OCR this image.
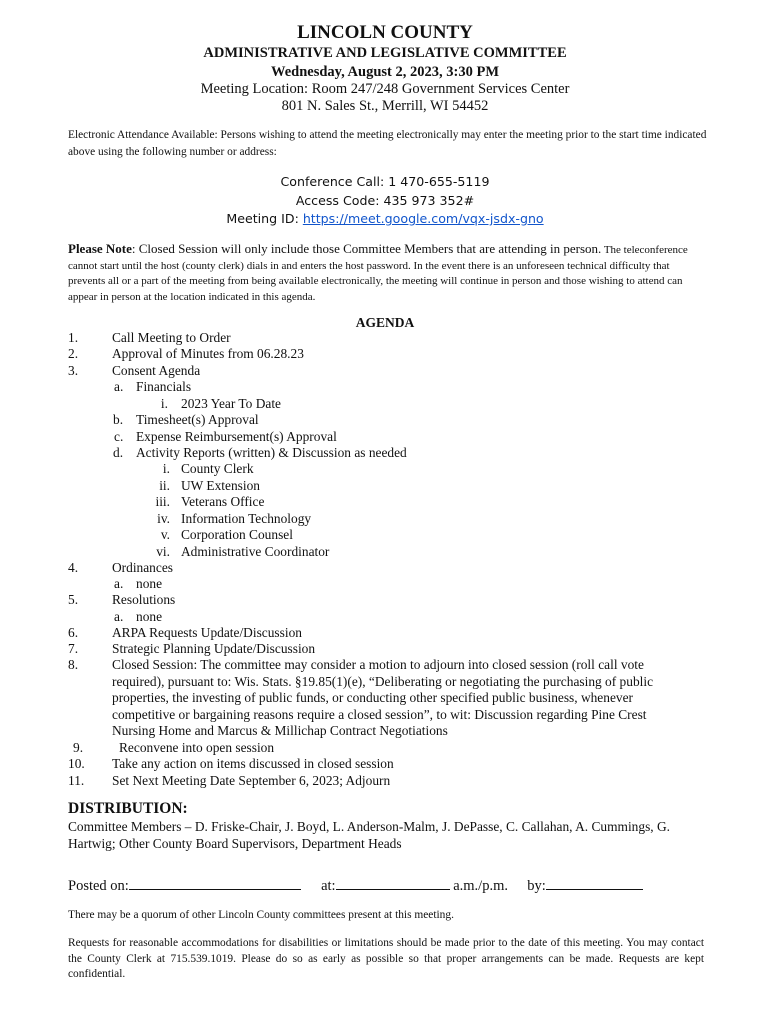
LINCOLN COUNTY
ADMINISTRATIVE AND LEGISLATIVE COMMITTEE
Wednesday, August 2, 2023, 3:30 PM
Meeting Location: Room 247/248 Government Services Center
801 N. Sales St., Merrill, WI 54452
Electronic Attendance Available: Persons wishing to attend the meeting electronically may enter the meeting prior to the start time indicated above using the following number or address:
Conference Call: 1 470-655-5119
Access Code: 435 973 352#
Meeting ID: https://meet.google.com/vqx-jsdx-gno
Please Note: Closed Session will only include those Committee Members that are attending in person. The teleconference cannot start until the host (county clerk) dials in and enters the host password. In the event there is an unforeseen technical difficulty that prevents all or a part of the meeting from being available electronically, the meeting will continue in person and those wishing to attend can appear in person at the location indicated in this agenda.
AGENDA
1.	Call Meeting to Order
2.	Approval of Minutes from 06.28.23
3.	Consent Agenda
a. Financials
i. 2023 Year To Date
b. Timesheet(s) Approval
c. Expense Reimbursement(s) Approval
d. Activity Reports (written) & Discussion as needed
i. County Clerk
ii. UW Extension
iii. Veterans Office
iv. Information Technology
v. Corporation Counsel
vi. Administrative Coordinator
4.	Ordinances
a. none
5.	Resolutions
a. none
6.	ARPA Requests Update/Discussion
7.	Strategic Planning Update/Discussion
8.	Closed Session: The committee may consider a motion to adjourn into closed session (roll call vote required), pursuant to: Wis. Stats. §19.85(1)(e), “Deliberating or negotiating the purchasing of public properties, the investing of public funds, or conducting other specified public business, whenever competitive or bargaining reasons require a closed session”, to wit: Discussion regarding Pine Crest Nursing Home and Marcus & Millichap Contract Negotiations
9.	Reconvene into open session
10. Take any action on items discussed in closed session
11. Set Next Meeting Date September 6, 2023; Adjourn
DISTRIBUTION:
Committee Members – D. Friske-Chair, J. Boyd, L. Anderson-Malm, J. DePasse, C. Callahan, A. Cummings, G. Hartwig; Other County Board Supervisors, Department Heads
Posted on:	at:	a.m./p.m. by:
There may be a quorum of other Lincoln County committees present at this meeting.
Requests for reasonable accommodations for disabilities or limitations should be made prior to the date of this meeting. You may contact the County Clerk at 715.539.1019. Please do so as early as possible so that proper arrangements can be made. Requests are kept confidential.
